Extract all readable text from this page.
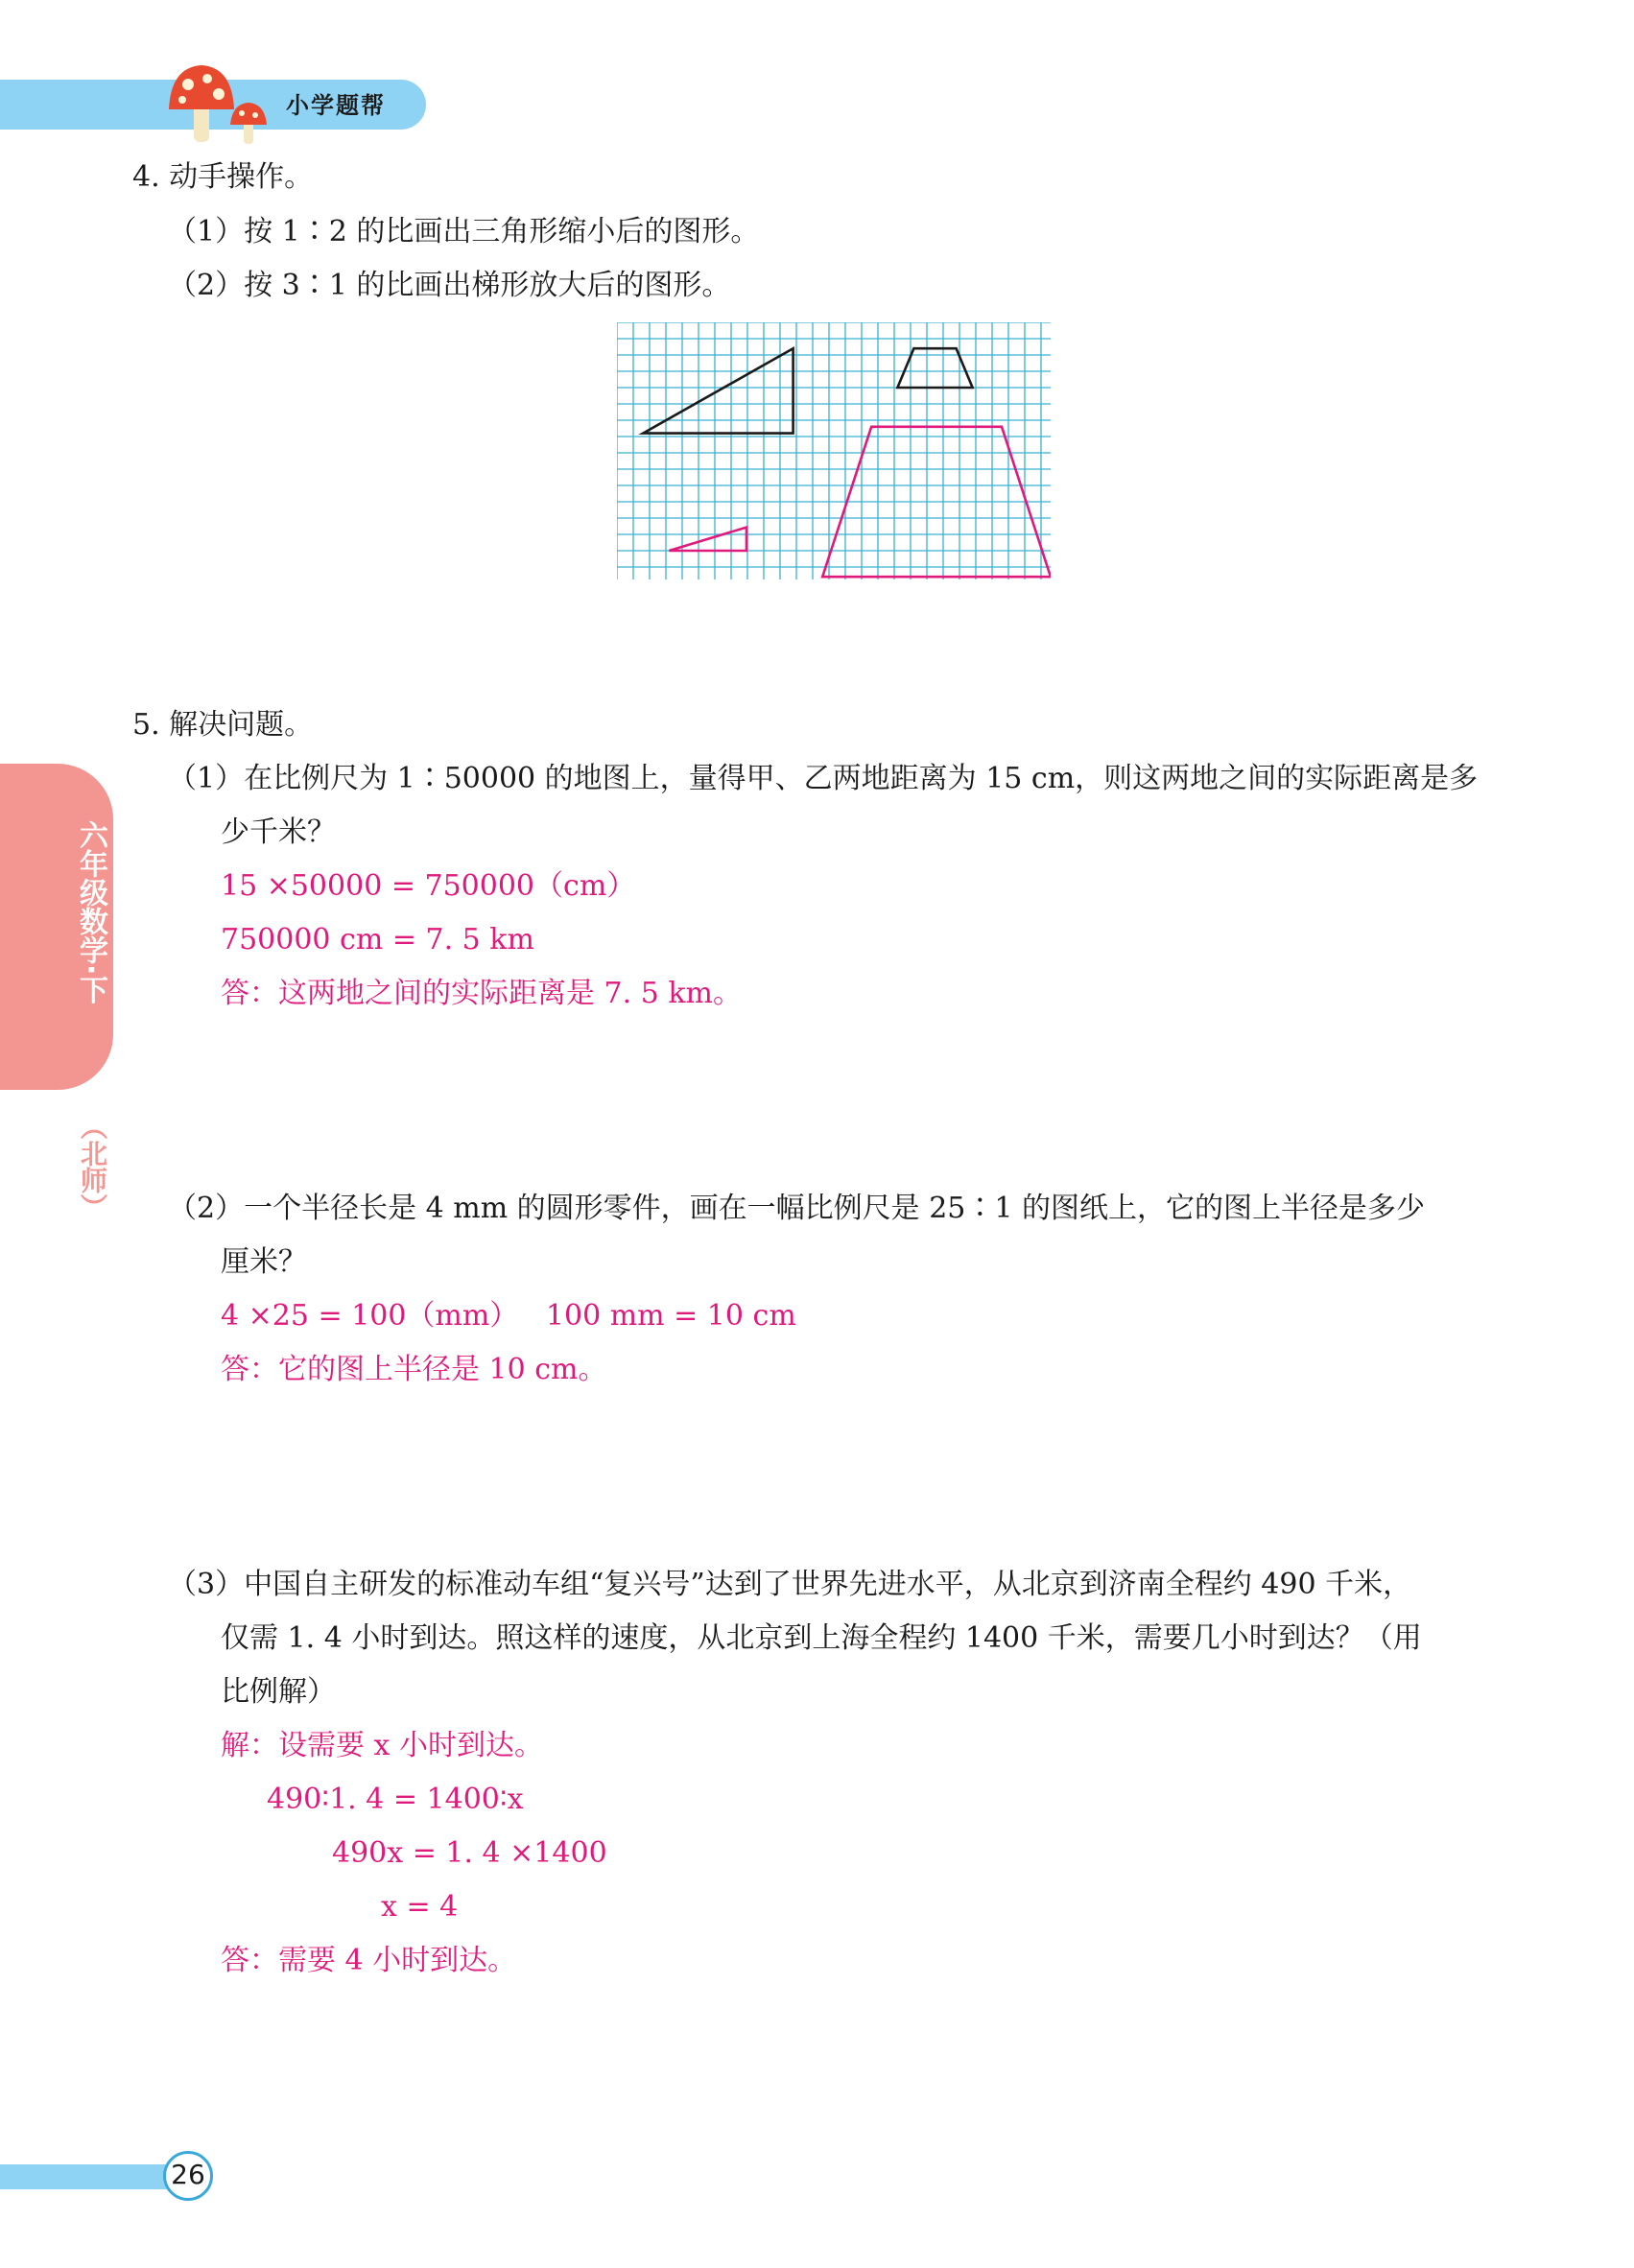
小学题帮
六年级数学·下
（北师）
4. 动手操作。
（1）按 1∶2 的比画出三角形缩小后的图形。
（2）按 3∶1 的比画出梯形放大后的图形。
5. 解决问题。
（1）在比例尺为 1∶50000 的地图上，量得甲、乙两地距离为 15 cm，则这两地之间的实际距离是多
少千米？
15 ×50000 = 750000（cm）
750000 cm = 7. 5 km
答：这两地之间的实际距离是 7. 5 km。
（2）一个半径长是 4 mm 的圆形零件，画在一幅比例尺是 25∶1 的图纸上，它的图上半径是多少
厘米？
4 ×25 = 100（mm）   100 mm = 10 cm
答：它的图上半径是 10 cm。
（3）中国自主研发的标准动车组“复兴号”达到了世界先进水平，从北京到济南全程约 490 千米，
仅需 1. 4 小时到达。照这样的速度，从北京到上海全程约 1400 千米，需要几小时到达？（用
比例解）
解：设需要 x 小时到达。
490∶1. 4 = 1400∶x
490x = 1. 4 ×1400
x = 4
答：需要 4 小时到达。
26
